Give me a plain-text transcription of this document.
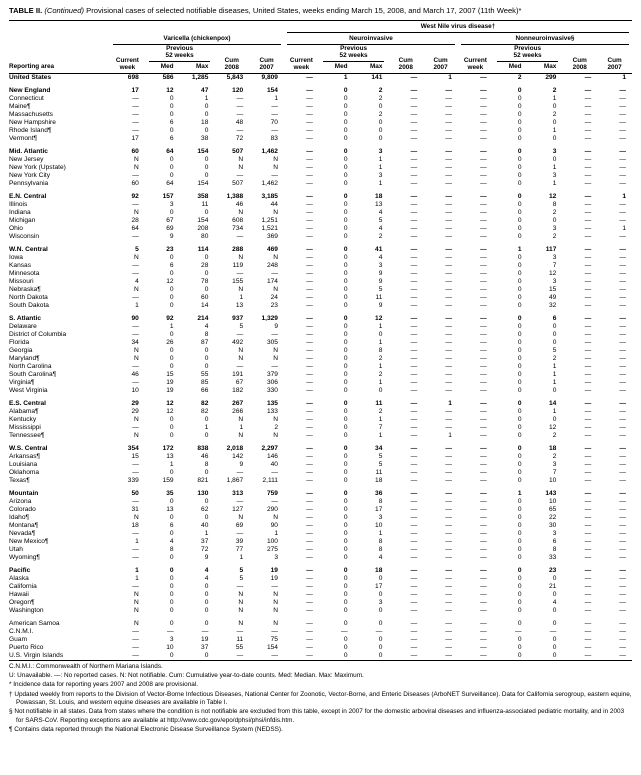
TABLE II. (Continued) Provisional cases of selected notifiable diseases, United States, weeks ending March 15, 2008, and March 17, 2007 (11th Week)*
Reporting area						West Nile virus disease†									

	Varicella (chickenpox)					Neuroinvasive					Nonneuroinvasive§				

	Current week	Previous 52 weeks		Cum 2008	Cum 2007	Current week	Previous 52 weeks		Cum 2008	Cum 2007	Current week	Previous 52 weeks		Cum 2008	Cum 2007
		Med	Max				Med	Max				Med	Max		
United States	698	586	1,285	5,843	9,809	—	1	141	—	1	—	2	299	—	1

New England	17	12	47	120	154	—	0	2	—	—	—	0	2	—	—
Connecticut	—	0	1	—	1	—	0	2	—	—	—	0	1	—	—
Maine¶	—	0	0	—	—	—	0	0	—	—	—	0	0	—	—
Massachusetts	—	0	0	—	—	—	0	2	—	—	—	0	2	—	—
New Hampshire	—	6	18	48	70	—	0	0	—	—	—	0	0	—	—
Rhode Island¶	—	0	0	—	—	—	0	0	—	—	—	0	1	—	—
Vermont¶	17	6	38	72	83	—	0	0	—	—	—	0	0	—	—

Mid. Atlantic	60	64	154	507	1,462	—	0	3	—	—	—	0	3	—	—
New Jersey	N	0	0	N	N	—	0	1	—	—	—	0	0	—	—
New York (Upstate)	N	0	0	N	N	—	0	1	—	—	—	0	1	—	—
New York City	—	0	0	—	—	—	0	3	—	—	—	0	3	—	—
Pennsylvania	60	64	154	507	1,462	—	0	1	—	—	—	0	1	—	—

E.N. Central	92	157	358	1,388	3,185	—	0	18	—	—	—	0	12	—	1
Illinois	—	3	11	46	44	—	0	13	—	—	—	0	8	—	—
Indiana	N	0	0	N	N	—	0	4	—	—	—	0	2	—	—
Michigan	28	67	154	608	1,251	—	0	5	—	—	—	0	0	—	—
Ohio	64	69	208	734	1,521	—	0	4	—	—	—	0	3	—	1
Wisconsin	—	9	80	—	369	—	0	2	—	—	—	0	2	—	—

W.N. Central	5	23	114	288	469	—	0	41	—	—	—	1	117	—	—
Iowa	N	0	0	N	N	—	0	4	—	—	—	0	3	—	—
Kansas	—	6	28	119	248	—	0	3	—	—	—	0	7	—	—
Minnesota	—	0	0	—	—	—	0	9	—	—	—	0	12	—	—
Missouri	4	12	78	155	174	—	0	9	—	—	—	0	3	—	—
Nebraska¶	N	0	0	N	N	—	0	5	—	—	—	0	15	—	—
North Dakota	—	0	60	1	24	—	0	11	—	—	—	0	49	—	—
South Dakota	1	0	14	13	23	—	0	9	—	—	—	0	32	—	—

S. Atlantic	90	92	214	937	1,329	—	0	12	—	—	—	0	6	—	—
Delaware	—	1	4	5	9	—	0	1	—	—	—	0	0	—	—
District of Columbia	—	0	8	—	—	—	0	0	—	—	—	0	0	—	—
Florida	34	26	87	492	305	—	0	1	—	—	—	0	0	—	—
Georgia	N	0	0	N	N	—	0	8	—	—	—	0	5	—	—
Maryland¶	N	0	0	N	N	—	0	2	—	—	—	0	2	—	—
North Carolina	—	0	0	—	—	—	0	1	—	—	—	0	1	—	—
South Carolina¶	46	15	55	191	379	—	0	2	—	—	—	0	1	—	—
Virginia¶	—	19	85	67	306	—	0	1	—	—	—	0	1	—	—
West Virginia	10	19	66	182	330	—	0	0	—	—	—	0	0	—	—

E.S. Central	29	12	82	267	135	—	0	11	—	1	—	0	14	—	—
Alabama¶	29	12	82	266	133	—	0	2	—	—	—	0	1	—	—
Kentucky	N	0	0	N	N	—	0	1	—	—	—	0	0	—	—
Mississippi	—	0	1	1	2	—	0	7	—	—	—	0	12	—	—
Tennessee¶	N	0	0	N	N	—	0	1	—	1	—	0	2	—	—

W.S. Central	354	172	838	2,018	2,297	—	0	34	—	—	—	0	18	—	—
Arkansas¶	15	13	46	142	146	—	0	5	—	—	—	0	2	—	—
Louisiana	—	1	8	9	40	—	0	5	—	—	—	0	3	—	—
Oklahoma	—	0	0	—	—	—	0	11	—	—	—	0	7	—	—
Texas¶	339	159	821	1,867	2,111	—	0	18	—	—	—	0	10	—	—

Mountain	50	35	130	313	759	—	0	36	—	—	—	1	143	—	—
Arizona	—	0	0	—	—	—	0	8	—	—	—	0	10	—	—
Colorado	31	13	62	127	290	—	0	17	—	—	—	0	65	—	—
Idaho¶	N	0	0	N	N	—	0	3	—	—	—	0	22	—	—
Montana¶	18	6	40	69	90	—	0	10	—	—	—	0	30	—	—
Nevada¶	—	0	1	—	1	—	0	1	—	—	—	0	3	—	—
New Mexico¶	1	4	37	39	100	—	0	8	—	—	—	0	6	—	—
Utah	—	8	72	77	275	—	0	8	—	—	—	0	8	—	—
Wyoming¶	—	0	9	1	3	—	0	4	—	—	—	0	33	—	—

Pacific	1	0	4	5	19	—	0	18	—	—	—	0	23	—	—
Alaska	1	0	4	5	19	—	0	0	—	—	—	0	0	—	—
California	—	0	0	—	—	—	0	17	—	—	—	0	21	—	—
Hawaii	N	0	0	N	N	—	0	0	—	—	—	0	0	—	—
Oregon¶	N	0	0	N	N	—	0	3	—	—	—	0	4	—	—
Washington	N	0	0	N	N	—	0	0	—	—	—	0	0	—	—

American Samoa	N	0	0	N	N	—	0	0	—	—	—	0	0	—	—
C.N.M.I.	—	—	—	—	—	—	—	—	—	—	—	—	—	—	—
Guam	—	3	19	11	75	—	0	0	—	—	—	0	0	—	—
Puerto Rico	—	10	37	55	154	—	0	0	—	—	—	0	0	—	—
U.S. Virgin Islands	—	0	0	—	—	—	0	0	—	—	—	0	0	—	—
C.N.M.I.: Commonwealth of Northern Mariana Islands.
U: Unavailable. —: No reported cases. N: Not notifiable. Cum: Cumulative year-to-date counts. Med: Median. Max: Maximum.
* Incidence data for reporting years 2007 and 2008 are provisional.
† Updated weekly from reports to the Division of Vector-Borne Infectious Diseases, National Center for Zoonotic, Vector-Borne, and Enteric Diseases (ArboNET Surveillance). Data for California serogroup, eastern equine, Powassan, St. Louis, and western equine diseases are available in Table I.
§ Not notifiable in all states. Data from states where the condition is not notifiable are excluded from this table, except in 2007 for the domestic arboviral diseases and influenza-associated pediatric mortality, and in 2003 for SARS-CoV. Reporting exceptions are available at http://www.cdc.gov/epo/dphsi/phsi/infdis.htm.
¶ Contains data reported through the National Electronic Disease Surveillance System (NEDSS).
